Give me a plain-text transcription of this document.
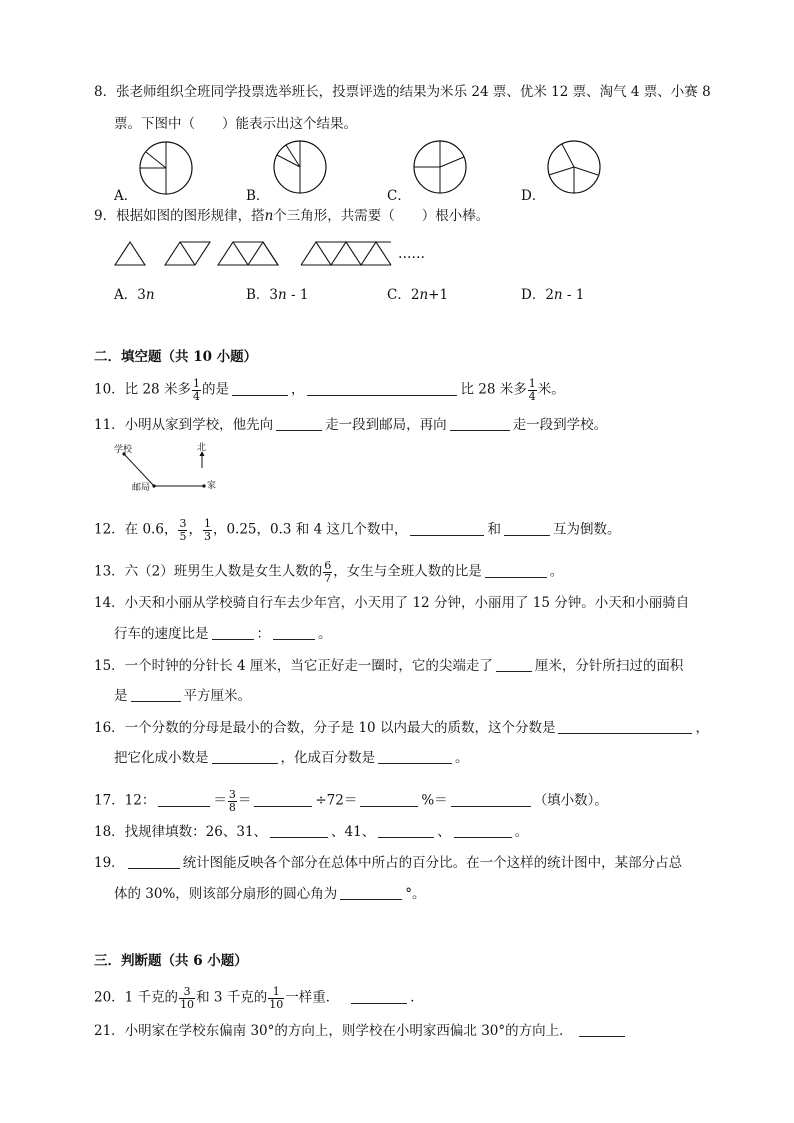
8．张老师组织全班同学投票选举班长，投票评选的结果为米乐 24 票、优米 12 票、淘气 4 票、小赛 8
票。下图中（　　）能表示出这个结果。
A．	B．	C．	D．
9．根据如图的图形规律，搭n个三角形，共需要（　　）根小棒。
……
A．3n	B．3n - 1	C．2n+1	D．2n - 1
二．填空题（共 10 小题）
10．比 28 米多 $\frac{1}{4}$ 的是	，	比 28 米多 $\frac{1}{4}$ 米。
11．小明从家到学校，他先向	走一段到邮局，再向	走一段到学校。
学校	北
邮局	家
12．在 0.6， $\frac{3}{5}$ ， $\frac{1}{3}$ ，0.25，0.3 和 4 这几个数中，	和	互为倒数。
13．六（2）班男生人数是女生人数的 $\frac{6}{7}$ ，女生与全班人数的比是	。
14．小天和小丽从学校骑自行车去少年宫，小天用了 12 分钟，小丽用了 15 分钟。小天和小丽骑自
行车的速度比是	：	。
15．一个时钟的分针长 4 厘米，当它正好走一圈时，它的尖端走了	厘米，分针所扫过的面积
是	平方厘米。
16．一个分数的分母是最小的合数，分子是 10 以内最大的质数，这个分数是	，
把它化成小数是	，化成百分数是	。
17．12：	＝ $\frac{3}{8}$ ＝	÷72＝	%＝	（填小数）。
18．找规律填数：26、31、	、41、	、	。
19．	统计图能反映各个部分在总体中所占的百分比。在一个这样的统计图中，某部分占总
体的 30%，则该部分扇形的圆心角为	°。
三．判断题（共 6 小题）
20．1 千克的 $\frac{3}{10}$ 和 3 千克的 $\frac{1}{10}$ 一样重．	．
21．小明家在学校东偏南 30°的方向上，则学校在小明家西偏北 30°的方向上．
